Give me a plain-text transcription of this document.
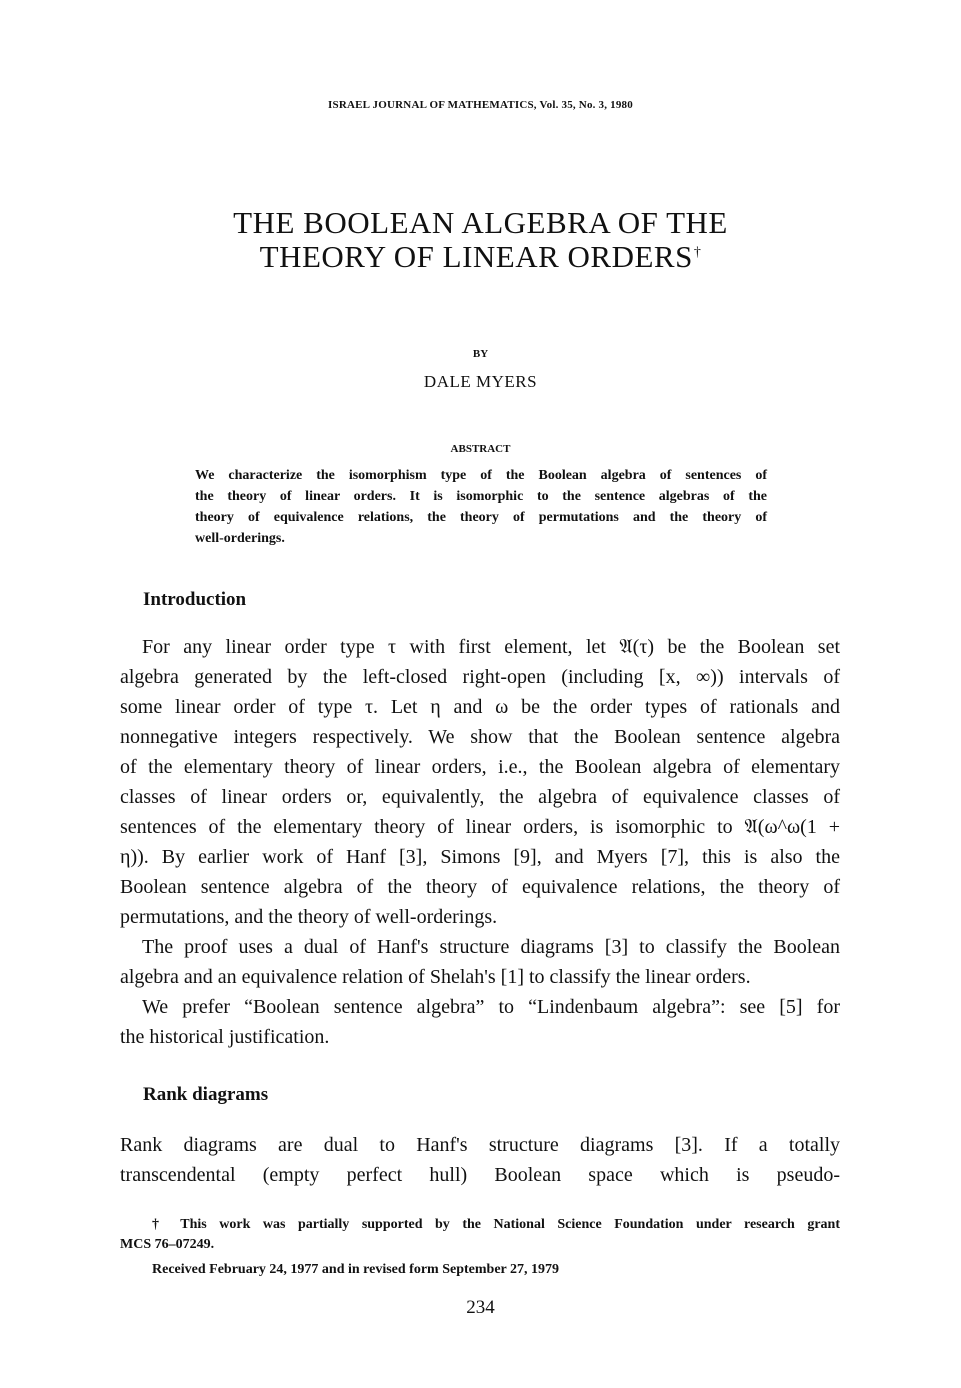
ISRAEL JOURNAL OF MATHEMATICS, Vol. 35, No. 3, 1980
THE BOOLEAN ALGEBRA OF THE
THEORY OF LINEAR ORDERS†
BY
DALE MYERS
ABSTRACT
We characterize the isomorphism type of the Boolean algebra of sentences of
the theory of linear orders. It is isomorphic to the sentence algebras of the
theory of equivalence relations, the theory of permutations and the theory of
well-orderings.
Introduction
For any linear order type τ with first element, let 𝔄(τ) be the Boolean set
algebra generated by the left-closed right-open (including [x, ∞)) intervals of
some linear order of type τ. Let η and ω be the order types of rationals and
nonnegative integers respectively. We show that the Boolean sentence algebra
of the elementary theory of linear orders, i.e., the Boolean algebra of elementary
classes of linear orders or, equivalently, the algebra of equivalence classes of
sentences of the elementary theory of linear orders, is isomorphic to 𝔄(ω^ω(1 +
η)). By earlier work of Hanf [3], Simons [9], and Myers [7], this is also the
Boolean sentence algebra of the theory of equivalence relations, the theory of
permutations, and the theory of well-orderings.
The proof uses a dual of Hanf's structure diagrams [3] to classify the Boolean
algebra and an equivalence relation of Shelah's [1] to classify the linear orders.
We prefer “Boolean sentence algebra” to “Lindenbaum algebra”: see [5] for
the historical justification.
Rank diagrams
Rank diagrams are dual to Hanf's structure diagrams [3]. If a totally
transcendental (empty perfect hull) Boolean space which is pseudo-
† This work was partially supported by the National Science Foundation under research grant
MCS 76–07249.
Received February 24, 1977 and in revised form September 27, 1979
234
